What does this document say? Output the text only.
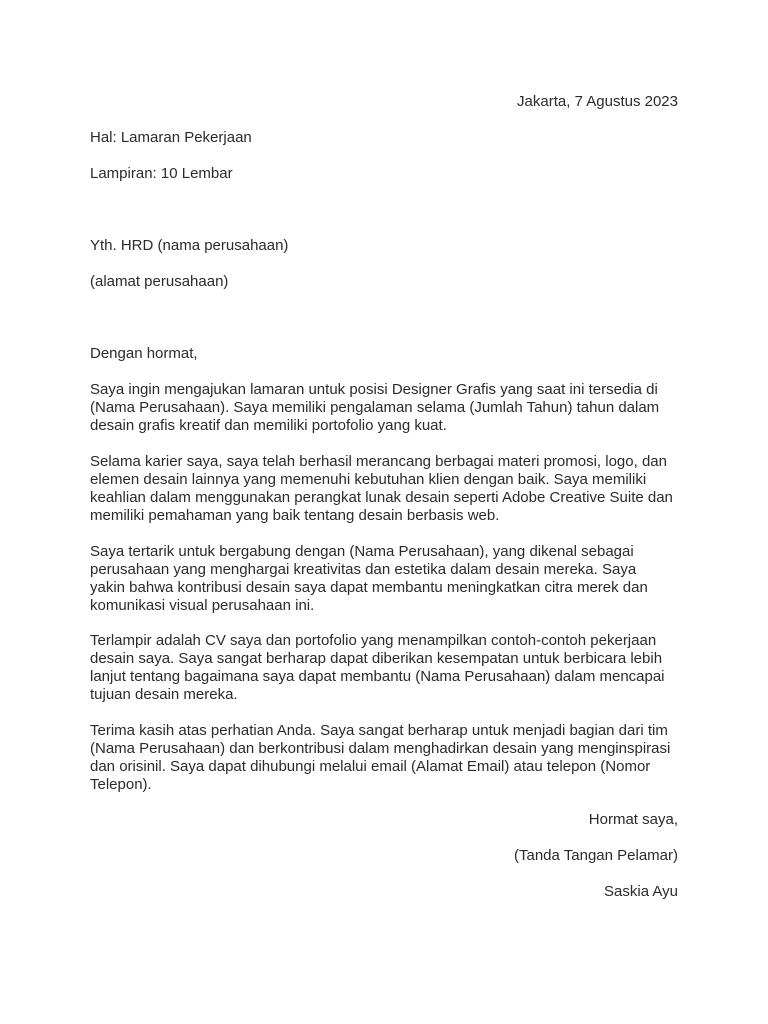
Jakarta, 7 Agustus 2023
Hal: Lamaran Pekerjaan
Lampiran: 10 Lembar
Yth. HRD (nama perusahaan)
(alamat perusahaan)
Dengan hormat,
Saya ingin mengajukan lamaran untuk posisi Designer Grafis yang saat ini tersedia di
(Nama Perusahaan). Saya memiliki pengalaman selama (Jumlah Tahun) tahun dalam
desain grafis kreatif dan memiliki portofolio yang kuat.
Selama karier saya, saya telah berhasil merancang berbagai materi promosi, logo, dan
elemen desain lainnya yang memenuhi kebutuhan klien dengan baik. Saya memiliki
keahlian dalam menggunakan perangkat lunak desain seperti Adobe Creative Suite dan
memiliki pemahaman yang baik tentang desain berbasis web.
Saya tertarik untuk bergabung dengan (Nama Perusahaan), yang dikenal sebagai
perusahaan yang menghargai kreativitas dan estetika dalam desain mereka. Saya
yakin bahwa kontribusi desain saya dapat membantu meningkatkan citra merek dan
komunikasi visual perusahaan ini.
Terlampir adalah CV saya dan portofolio yang menampilkan contoh-contoh pekerjaan
desain saya. Saya sangat berharap dapat diberikan kesempatan untuk berbicara lebih
lanjut tentang bagaimana saya dapat membantu (Nama Perusahaan) dalam mencapai
tujuan desain mereka.
Terima kasih atas perhatian Anda. Saya sangat berharap untuk menjadi bagian dari tim
(Nama Perusahaan) dan berkontribusi dalam menghadirkan desain yang menginspirasi
dan orisinil. Saya dapat dihubungi melalui email (Alamat Email) atau telepon (Nomor
Telepon).
Hormat saya,
(Tanda Tangan Pelamar)
Saskia Ayu
